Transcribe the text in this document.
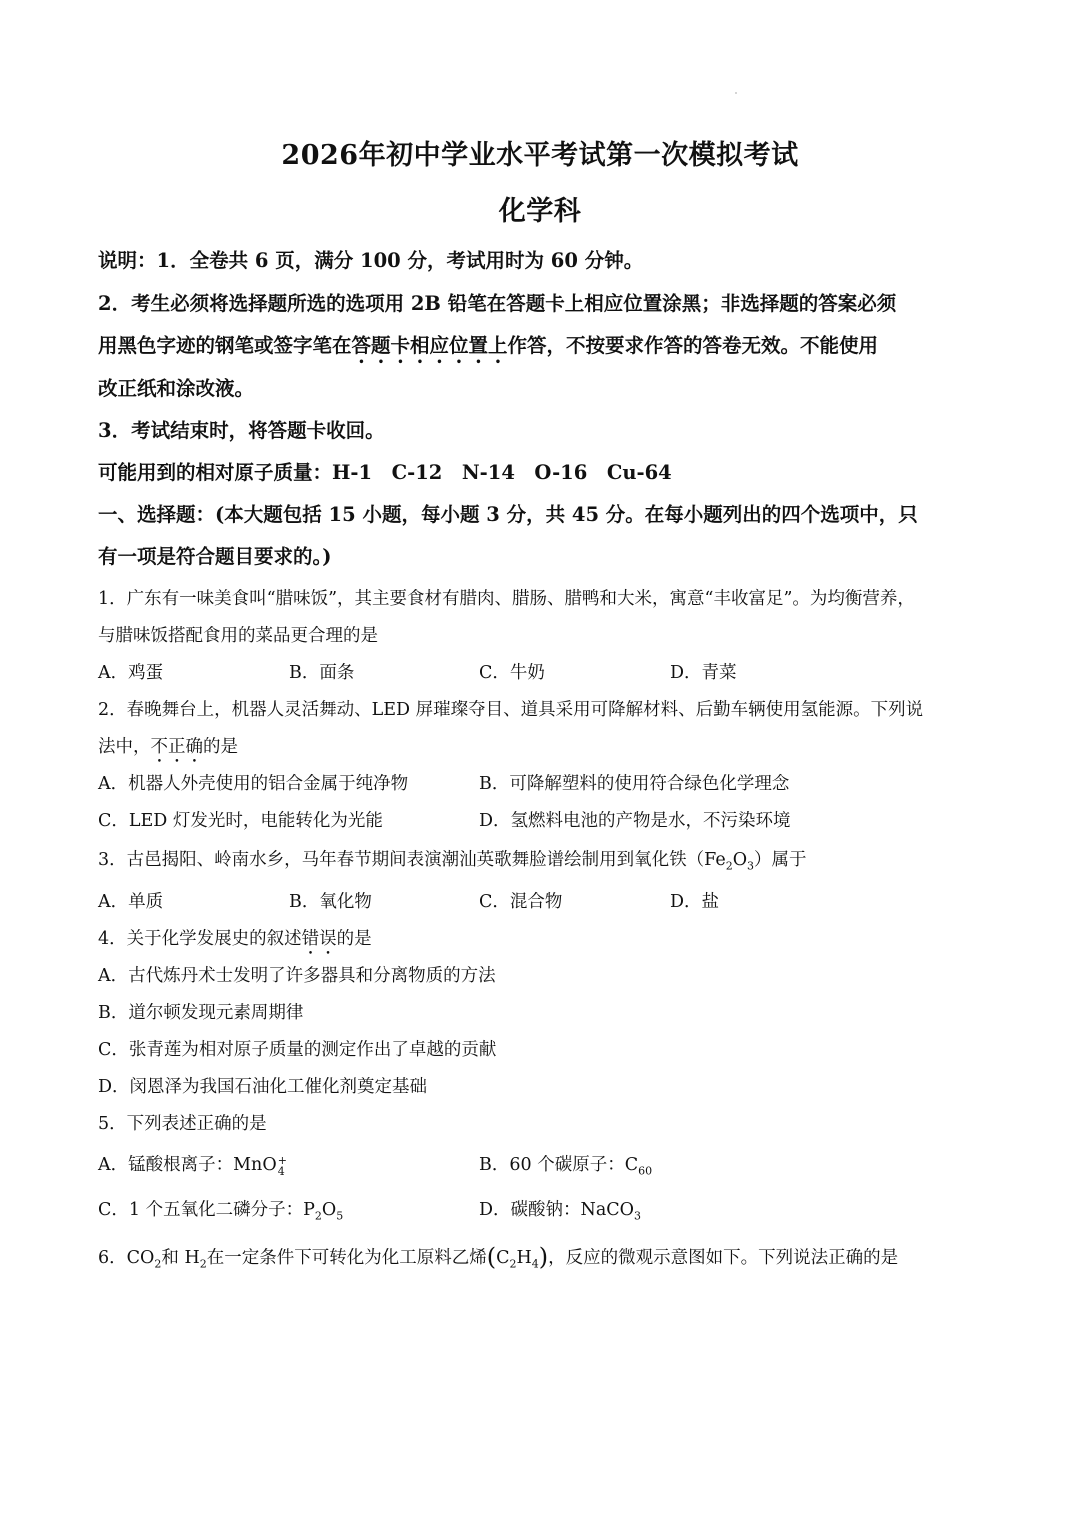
2026年初中学业水平考试第一次模拟考试
化学科
说明：1．全卷共 6 页，满分 100 分，考试用时为 60 分钟。
2．考生必须将选择题所选的选项用 2B 铅笔在答题卡上相应位置涂黑；非选择题的答案必须
用黑色字迹的钢笔或签字笔在答题卡相应位置上作答，不按要求作答的答卷无效。不能使用
改正纸和涂改液。
3．考试结束时，将答题卡收回。
可能用到的相对原子质量：H-1　C-12　N-14　O-16　Cu-64
一、选择题：(本大题包括 15 小题，每小题 3 分，共 45 分。在每小题列出的四个选项中，只
有一项是符合题目要求的。)
1．广东有一味美食叫“腊味饭”，其主要食材有腊肉、腊肠、腊鸭和大米，寓意“丰收富足”。为均衡营养，
与腊味饭搭配食用的菜品更合理的是
A．鸡蛋	B．面条	C．牛奶	D．青菜
2．春晚舞台上，机器人灵活舞动、LED 屏璀璨夺目、道具采用可降解材料、后勤车辆使用氢能源。下列说
法中，不正确的是
A．机器人外壳使用的铝合金属于纯净物	B．可降解塑料的使用符合绿色化学理念
C．LED 灯发光时，电能转化为光能	D．氢燃料电池的产物是水，不污染环境
3．古邑揭阳、岭南水乡，马年春节期间表演潮汕英歌舞脸谱绘制用到氧化铁$(Fe_2O_3)$属于
A．单质	B．氧化物	C．混合物	D．盐
4．关于化学发展史的叙述错误的是
A．古代炼丹术士发明了许多器具和分离物质的方法
B．道尔顿发现元素周期律
C．张青莲为相对原子质量的测定作出了卓越的贡献
D．闵恩泽为我国石油化工催化剂奠定基础
5．下列表述正确的是
A．锰酸根离子：MnO +
4	B．60 个碳原子：$C_{60}$
C．1 个五氧化二磷分子：$P_2O_5$	D．碳酸钠：NaCO$_3$
6．$CO_2$和 $H_2$在一定条件下可转化为化工原料乙烯$(C_2H_4)$，反应的微观示意图如下。下列说法正确的是
